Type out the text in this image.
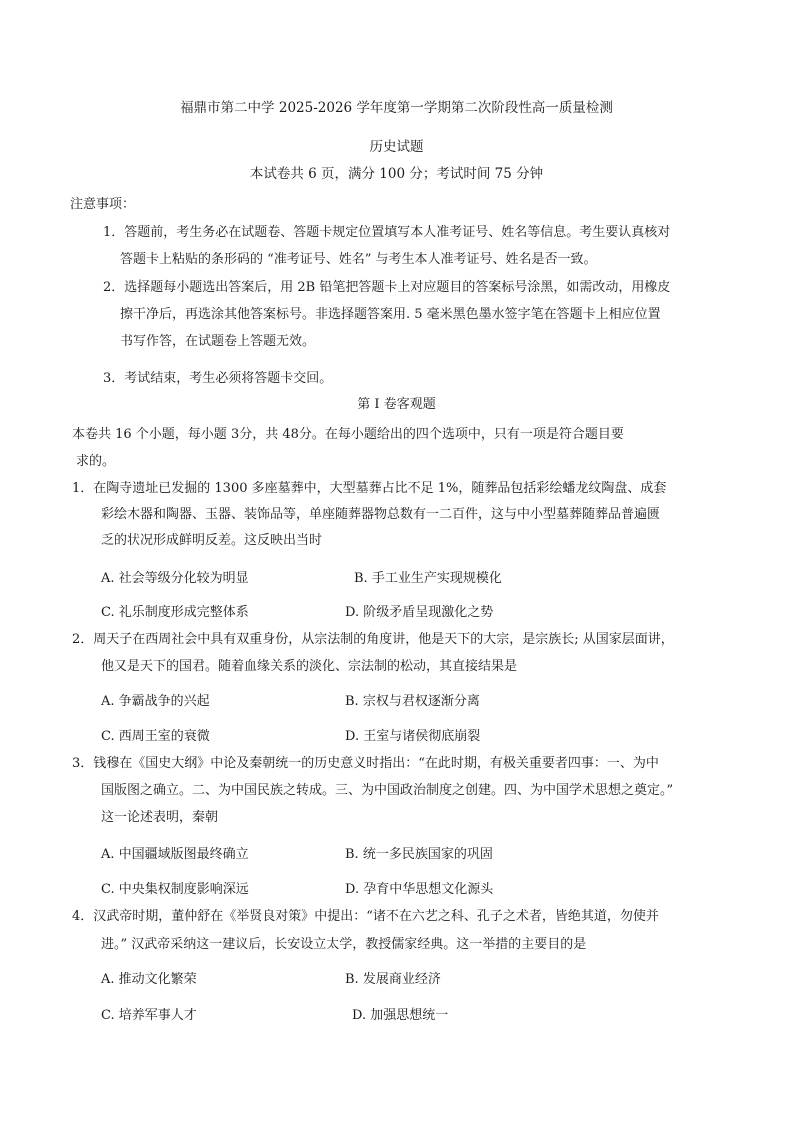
福鼎市第二中学 2025-2026 学年度第一学期第二次阶段性高一质量检测
历史试题
本试卷共 6 页，满分 100 分；考试时间 75 分钟
注意事项：
1．答题前，考生务必在试题卷、答题卡规定位置填写本人准考证号、姓名等信息。考生要认真核对
答题卡上粘贴的条形码的 “准考证号、姓名” 与考生本人准考证号、姓名是否一致。
2．选择题每小题选出答案后，用 2B 铅笔把答题卡上对应题目的答案标号涂黑，如需改动，用橡皮
擦干净后，再选涂其他答案标号。非选择题答案用. 5 毫米黑色墨水签字笔在答题卡上相应位置
书写作答，在试题卷上答题无效。
3．考试结束，考生必须将答题卡交回。
第 I 卷客观题
本卷共 16 个小题，每小题 3分，共 48分。在每小题给出的四个选项中，只有一项是符合题目要
求的。
1．在陶寺遗址已发掘的 1300 多座墓葬中，大型墓葬占比不足 1%，随葬品包括彩绘蟠龙纹陶盘、成套
彩绘木器和陶器、玉器、装饰品等，单座随葬器物总数有一二百件，这与中小型墓葬随葬品普遍匮
乏的状况形成鲜明反差。这反映出当时
A. 社会等级分化较为明显	B. 手工业生产实现规模化
C. 礼乐制度形成完整体系	D. 阶级矛盾呈现激化之势
2．周天子在西周社会中具有双重身份，从宗法制的角度讲，他是天下的大宗，是宗族长; 从国家层面讲，
他又是天下的国君。随着血缘关系的淡化、宗法制的松动，其直接结果是
A. 争霸战争的兴起	B. 宗权与君权逐渐分离
C. 西周王室的衰微	D. 王室与诸侯彻底崩裂
3．钱穆在《国史大纲》中论及秦朝统一的历史意义时指出：“在此时期，有极关重要者四事：一、为中
国版图之确立。二、为中国民族之转成。三、为中国政治制度之创建。四、为中国学术思想之奠定。”
这一论述表明，秦朝
A. 中国疆域版图最终确立	B. 统一多民族国家的巩固
C. 中央集权制度影响深远	D. 孕育中华思想文化源头
4．汉武帝时期，董仲舒在《举贤良对策》中提出：“诸不在六艺之科、孔子之术者，皆绝其道，勿使并
进。” 汉武帝采纳这一建议后，长安设立太学，教授儒家经典。这一举措的主要目的是
A. 推动文化繁荣	B. 发展商业经济
C. 培养军事人才	D. 加强思想统一
